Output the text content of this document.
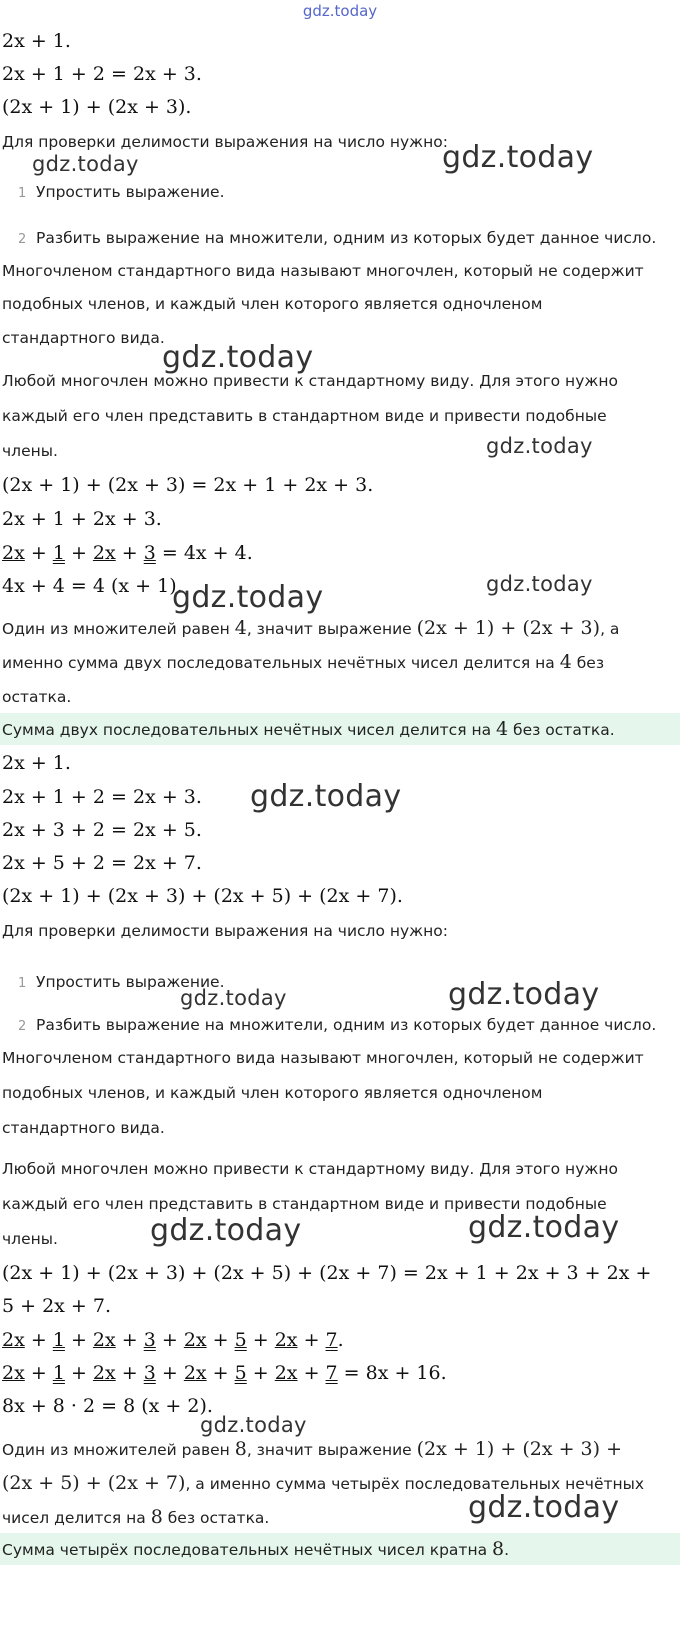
gdz.today
2x + 1.
2x + 1 + 2 = 2x + 3.
(2x + 1) + (2x + 3).
Для проверки делимости выражения на число нужно:
1 Упростить выражение.
2 Разбить выражение на множители, одним из которых будет данное число.
Многочленом стандартного вида называют многочлен, который не содержит
подобных членов, и каждый член которого является одночленом
стандартного вида.
Любой многочлен можно привести к стандартному виду. Для этого нужно
каждый его член представить в стандартном виде и привести подобные
члены.
(2x + 1) + (2x + 3) = 2x + 1 + 2x + 3.
2x + 1 + 2x + 3.
2x + 1 + 2x + 3 = 4x + 4.
4x + 4 = 4 (x + 1).
Один из множителей равен 4, значит выражение (2x + 1) + (2x + 3), а
именно сумма двух последовательных нечётных чисел делится на 4 без
остатка.
Сумма двух последовательных нечётных чисел делится на 4 без остатка.
2x + 1.
2x + 1 + 2 = 2x + 3.
2x + 3 + 2 = 2x + 5.
2x + 5 + 2 = 2x + 7.
(2x + 1) + (2x + 3) + (2x + 5) + (2x + 7).
Для проверки делимости выражения на число нужно:
1 Упростить выражение.
2 Разбить выражение на множители, одним из которых будет данное число.
Многочленом стандартного вида называют многочлен, который не содержит
подобных членов, и каждый член которого является одночленом
стандартного вида.
Любой многочлен можно привести к стандартному виду. Для этого нужно
каждый его член представить в стандартном виде и привести подобные
члены.
(2x + 1) + (2x + 3) + (2x + 5) + (2x + 7) = 2x + 1 + 2x + 3 + 2x +
5 + 2x + 7.
2x + 1 + 2x + 3 + 2x + 5 + 2x + 7.
2x + 1 + 2x + 3 + 2x + 5 + 2x + 7 = 8x + 16.
8x + 8 · 2 = 8 (x + 2).
Один из множителей равен 8, значит выражение (2x + 1) + (2x + 3) +
(2x + 5) + (2x + 7), а именно сумма четырёх последовательных нечётных
чисел делится на 8 без остатка.
Сумма четырёх последовательных нечётных чисел кратна 8.
gdz.today	gdz.today
gdz.today
gdz.today
gdz.today	gdz.today
gdz.today
gdz.today	gdz.today
gdz.today	gdz.today
gdz.today
gdz.today
